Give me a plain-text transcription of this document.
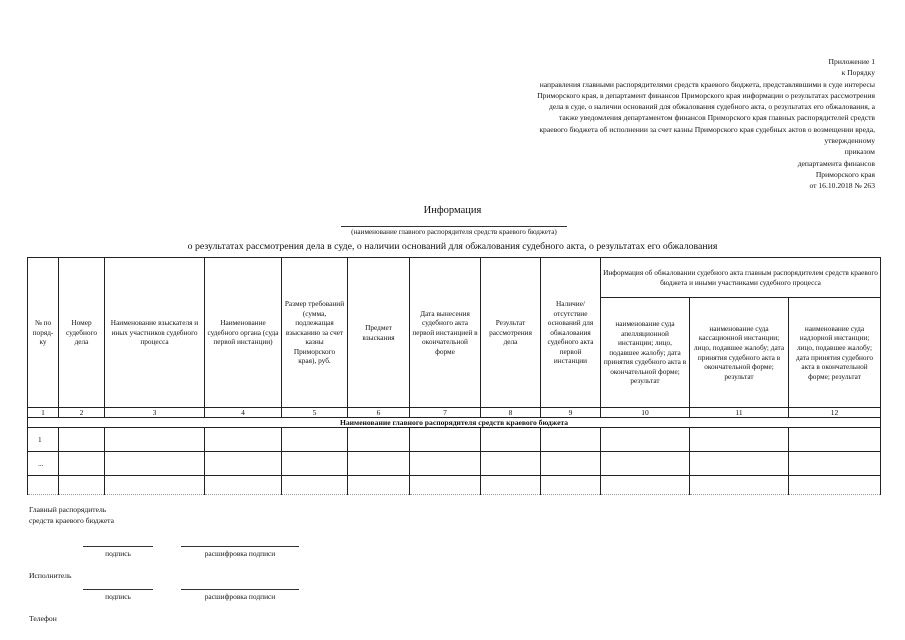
Приложение 1
к Порядку
направления главными распорядителями средств краевого бюджета, представлявшими в суде интересы
Приморского края, в департамент финансов Приморского края информации о результатах рассмотрения
дела в суде, о наличии оснований для обжалования судебного акта, о результатах его обжалования, а
также уведомления департаментом финансов Приморского края главных распорядителей средств
краевого бюджета об исполнении за счет казны Приморского края судебных актов о возмещении вреда,
утвержденному
приказом
департамента финансов
Приморского края
от 16.10.2018 № 263
Информация
(наименование главного распорядителя средств краевого бюджета)
о результатах рассмотрения дела в суде, о наличии оснований для обжалования судебного акта, о результатах его обжалования
№ по поряд-ку	Номер судебного дела	Наименование взыскателя и иных участников судебного процесса	Наименование судебного органа (суда первой инстанции)	Размер требований (сумма, подлежащая взысканию за счет казны Приморского края), руб.	Предмет взыскания	Дата вынесения судебного акта первой инстанцией в окончательной форме	Результат рассмотрения дела	Наличие/отсутствие оснований для обжалования судебного акта первой инстанции	Информация об обжаловании судебного акта главным распорядителем средств краевого бюджета и иными участниками судебного процесса		
									наименование суда апелляционной инстанции; лицо, подавшее жалобу; дата принятия судебного акта в окончательной форме; результат	наименование суда кассационной инстанции; лицо, подавшее жалобу; дата принятия судебного акта в окончательной форме; результат	наименование суда надзорной инстанции; лицо, подавшее жалобу; дата принятия судебного акта в окончательной форме; результат
1	2	3	4	5	6	7	8	9	10	11	12
Наименование главного распорядителя средств краевого бюджета											
1											
...											

Главный распорядитель
средств краевого бюджета
подпись	расшифровка подписи
Исполнитель
подпись	расшифровка подписи
Телефон
